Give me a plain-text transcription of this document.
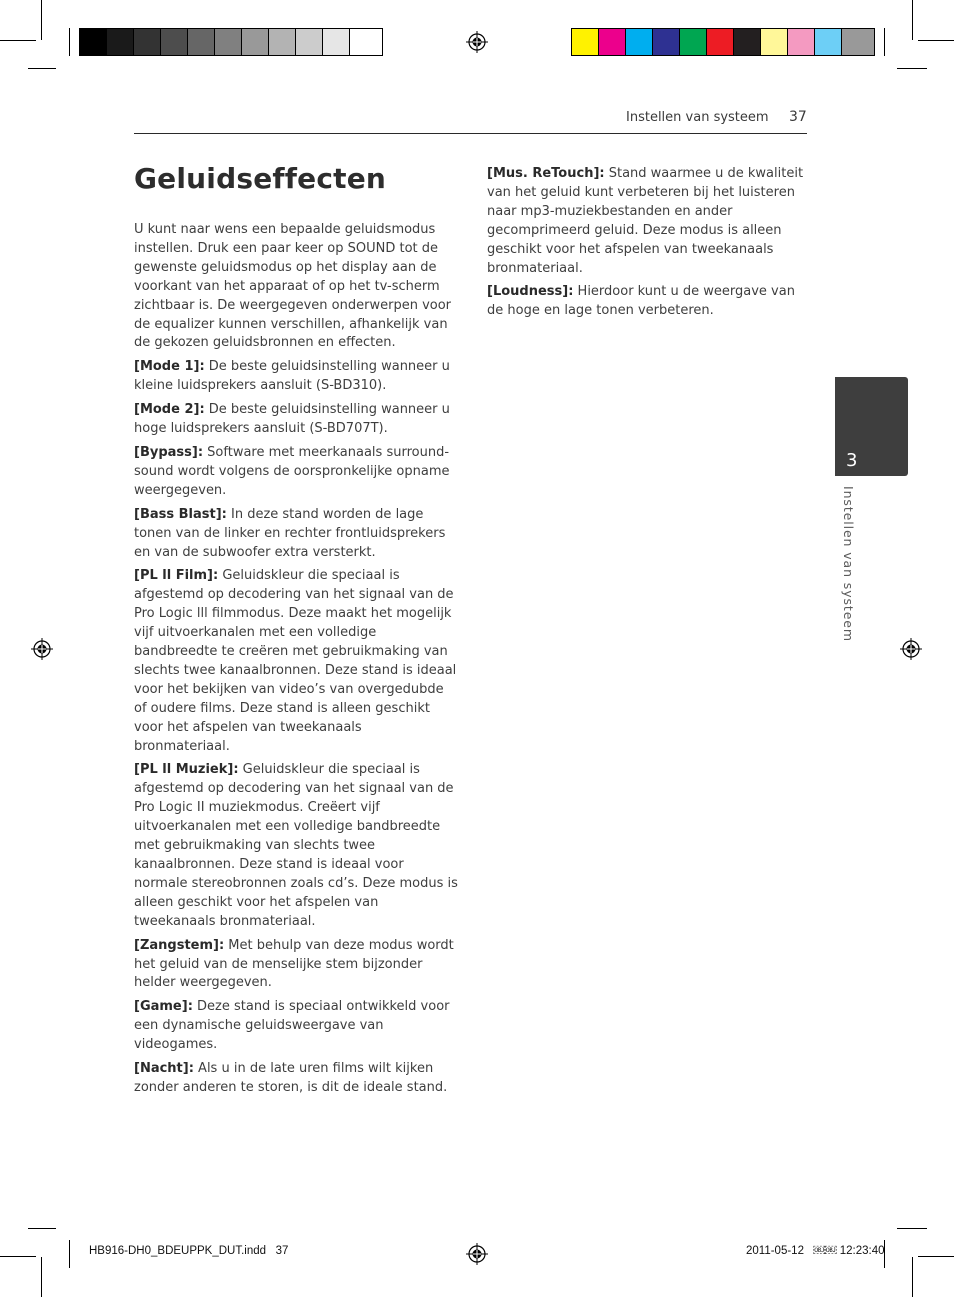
Instellen van systeem 37
Geluidseffecten

U kunt naar wens een bepaalde geluidsmodus instellen. Druk een paar keer op SOUND tot de gewenste geluidsmodus op het display aan de voorkant van het apparaat of op het tv-scherm zichtbaar is. De weergegeven onderwerpen voor de equalizer kunnen verschillen, afhankelijk van de gekozen geluidsbronnen en effecten.

[Mode 1]: De beste geluidsinstelling wanneer u kleine luidsprekers aansluit (S-BD310).

[Mode 2]: De beste geluidsinstelling wanneer u hoge luidsprekers aansluit (S-BD707T).

[Bypass]: Software met meerkanaals surround-sound wordt volgens de oorspronkelijke opname weergegeven.

[Bass Blast]: In deze stand worden de lage tonen van de linker en rechter frontluidsprekers en van de subwoofer extra versterkt.

[PL ll Film]: Geluidskleur die speciaal is afgestemd op decodering van het signaal van de Pro Logic lll filmmodus. Deze maakt het mogelijk vijf uitvoerkanalen met een volledige bandbreedte te creëren met gebruikmaking van slechts twee kanaalbronnen. Deze stand is ideaal voor het bekijken van video’s van overgedubde of oudere films. Deze stand is alleen geschikt voor het afspelen van tweekanaals bronmateriaal.

[PL ll Muziek]: Geluidskleur die speciaal is afgestemd op decodering van het signaal van de Pro Logic II muziekmodus. Creëert vijf uitvoerkanalen met een volledige bandbreedte met gebruikmaking van slechts twee kanaalbronnen. Deze stand is ideaal voor normale stereobronnen zoals cd’s. Deze modus is alleen geschikt voor het afspelen van tweekanaals bronmateriaal.

[Zangstem]: Met behulp van deze modus wordt het geluid van de menselijke stem bijzonder helder weergegeven.

[Game]: Deze stand is speciaal ontwikkeld voor een dynamische geluidsweergave van videogames.

[Nacht]: Als u in de late uren films wilt kijken zonder anderen te storen, is dit de ideale stand.

[Mus. ReTouch]: Stand waarmee u de kwaliteit van het geluid kunt verbeteren bij het luisteren naar mp3-muziekbestanden en ander gecomprimeerd geluid. Deze modus is alleen geschikt voor het afspelen van tweekanaals bronmateriaal.

[Loudness]: Hierdoor kunt u de weergave van de hoge en lage tonen verbeteren.

3
Instellen van systeem
HB916-DH0_BDEUPPK_DUT.indd   37	2011-05-12   ￼￼ 12:23:40
